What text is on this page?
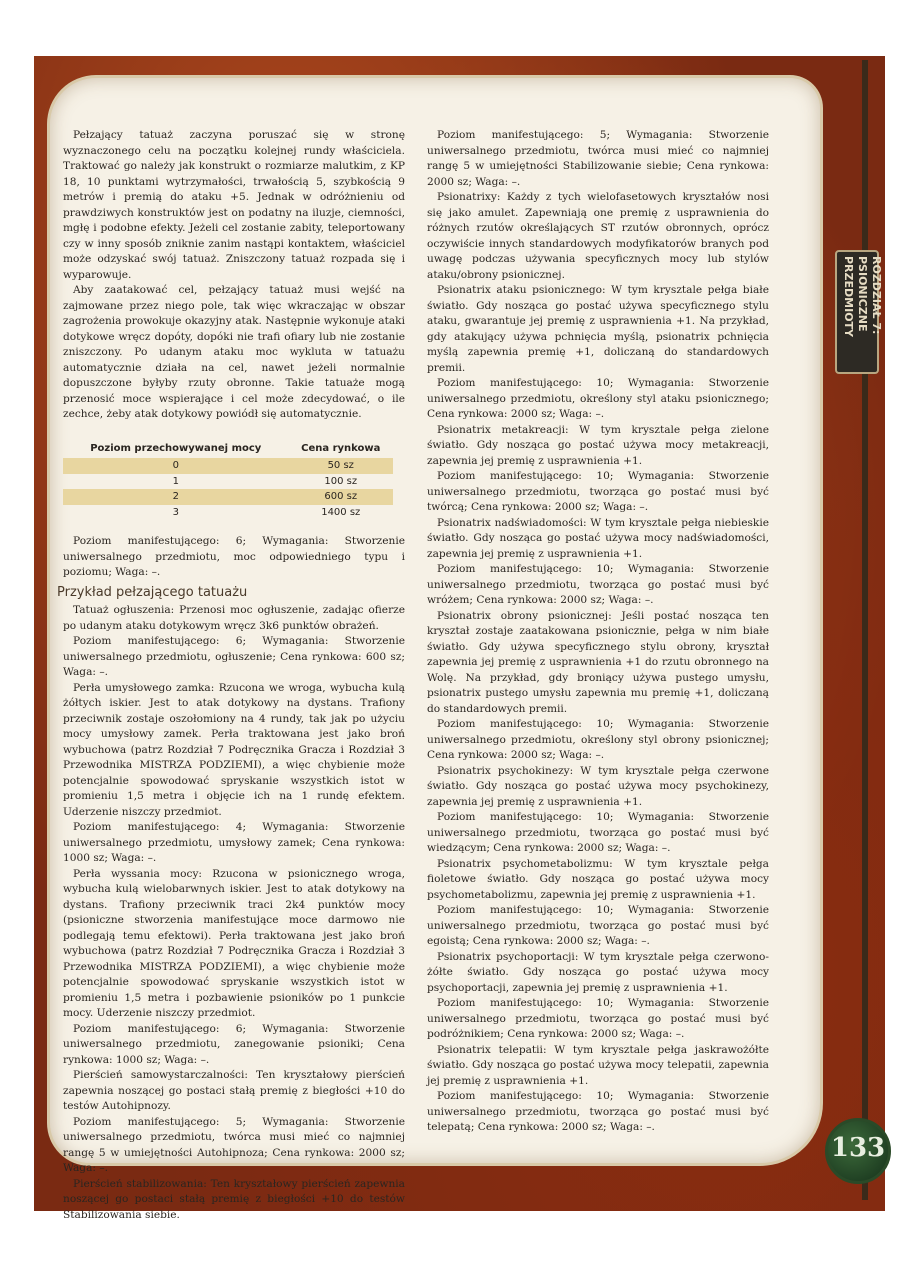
Pełzający tatuaż zaczyna poruszać się w stronę wyznaczonego celu na początku kolejnej rundy właściciela. Traktować go należy jak konstrukt o rozmiarze malutkim, z KP 18, 10 punktami wytrzymałości, trwałością 5, szybkością 9 metrów i premią do ataku +5. Jednak w odróżnieniu od prawdziwych konstruktów jest on podatny na iluzje, ciemności, mgłę i podobne efekty. Jeżeli cel zostanie zabity, teleportowany czy w inny sposób zniknie zanim nastąpi kontaktem, właściciel może odzyskać swój tatuaż. Zniszczony tatuaż rozpada się i wyparowuje.

Aby zaatakować cel, pełzający tatuaż musi wejść na zajmowane przez niego pole, tak więc wkraczając w obszar zagrożenia prowokuje okazyjny atak. Następnie wykonuje ataki dotykowe wręcz dopóty, dopóki nie trafi ofiary lub nie zostanie zniszczony. Po udanym ataku moc wykluta w tatuażu automatycznie działa na cel, nawet jeżeli normalnie dopuszczone byłyby rzuty obronne. Takie tatuaże mogą przenosić moce wspierające i cel może zdecydować, o ile zechce, żeby atak dotykowy powiódł się automatycznie.

Poziom przechowywanej mocy	Cena rynkowa
0	50 sz
1	100 sz
2	600 sz
3	1400 sz

Poziom manifestującego: 6; Wymagania: Stworzenie uniwersalnego przedmiotu, moc odpowiedniego typu i poziomu; Waga: –.

Przykład pełzającego tatuażu

Tatuaż ogłuszenia: Przenosi moc ogłuszenie, zadając ofierze po udanym ataku dotykowym wręcz 3k6 punktów obrażeń.

Poziom manifestującego: 6; Wymagania: Stworzenie uniwersalnego przedmiotu, ogłuszenie; Cena rynkowa: 600 sz; Waga: –.

Perła umysłowego zamka: Rzucona we wroga, wybucha kulą żółtych iskier. Jest to atak dotykowy na dystans. Trafiony przeciwnik zostaje oszołomiony na 4 rundy, tak jak po użyciu mocy umysłowy zamek. Perła traktowana jest jako broń wybuchowa (patrz Rozdział 7 Podręcznika Gracza i Rozdział 3 Przewodnika MISTRZA PODZIEMI), a więc chybienie może potencjalnie spowodować spryskanie wszystkich istot w promieniu 1,5 metra i objęcie ich na 1 rundę efektem. Uderzenie niszczy przedmiot.

Poziom manifestującego: 4; Wymagania: Stworzenie uniwersalnego przedmiotu, umysłowy zamek; Cena rynkowa: 1000 sz; Waga: –.

Perła wyssania mocy: Rzucona w psionicznego wroga, wybucha kulą wielobarwnych iskier. Jest to atak dotykowy na dystans. Trafiony przeciwnik traci 2k4 punktów mocy (psioniczne stworzenia manifestujące moce darmowo nie podlegają temu efektowi). Perła traktowana jest jako broń wybuchowa (patrz Rozdział 7 Podręcznika Gracza i Rozdział 3 Przewodnika MISTRZA PODZIEMI), a więc chybienie może potencjalnie spowodować spryskanie wszystkich istot w promieniu 1,5 metra i pozbawienie psioników po 1 punkcie mocy. Uderzenie niszczy przedmiot.

Poziom manifestującego: 6; Wymagania: Stworzenie uniwersalnego przedmiotu, zanegowanie psioniki; Cena rynkowa: 1000 sz; Waga: –.

Pierścień samowystarczalności: Ten kryształowy pierścień zapewnia noszącej go postaci stałą premię z biegłości +10 do testów Autohipnozy.

Poziom manifestującego: 5; Wymagania: Stworzenie uniwersalnego przedmiotu, twórca musi mieć co najmniej rangę 5 w umiejętności Autohipnoza; Cena rynkowa: 2000 sz; Waga: –.

Pierścień stabilizowania: Ten kryształowy pierścień zapewnia noszącej go postaci stałą premię z biegłości +10 do testów Stabilizowania siebie.

Poziom manifestującego: 5; Wymagania: Stworzenie uniwersalnego przedmiotu, twórca musi mieć co najmniej rangę 5 w umiejętności Stabilizowanie siebie; Cena rynkowa: 2000 sz; Waga: –.

Psionatrixy: Każdy z tych wielofasetowych kryształów nosi się jako amulet. Zapewniają one premię z usprawnienia do różnych rzutów określających ST rzutów obronnych, oprócz oczywiście innych standardowych modyfikatorów branych pod uwagę podczas używania specyficznych mocy lub stylów ataku/obrony psionicznej.

Psionatrix ataku psionicznego: W tym krysztale pełga białe światło. Gdy nosząca go postać używa specyficznego stylu ataku, gwarantuje jej premię z usprawnienia +1. Na przykład, gdy atakujący używa pchnięcia myślą, psionatrix pchnięcia myślą zapewnia premię +1, doliczaną do standardowych premii.

Poziom manifestującego: 10; Wymagania: Stworzenie uniwersalnego przedmiotu, określony styl ataku psionicznego; Cena rynkowa: 2000 sz; Waga: –.

Psionatrix metakreacji: W tym krysztale pełga zielone światło. Gdy nosząca go postać używa mocy metakreacji, zapewnia jej premię z usprawnienia +1.

Poziom manifestującego: 10; Wymagania: Stworzenie uniwersalnego przedmiotu, tworząca go postać musi być twórcą; Cena rynkowa: 2000 sz; Waga: –.

Psionatrix nadświadomości: W tym krysztale pełga niebieskie światło. Gdy nosząca go postać używa mocy nadświadomości, zapewnia jej premię z usprawnienia +1.

Poziom manifestującego: 10; Wymagania: Stworzenie uniwersalnego przedmiotu, tworząca go postać musi być wróżem; Cena rynkowa: 2000 sz; Waga: –.

Psionatrix obrony psionicznej: Jeśli postać nosząca ten kryształ zostaje zaatakowana psionicznie, pełga w nim białe światło. Gdy używa specyficznego stylu obrony, kryształ zapewnia jej premię z usprawnienia +1 do rzutu obronnego na Wolę. Na przykład, gdy broniący używa pustego umysłu, psionatrix pustego umysłu zapewnia mu premię +1, doliczaną do standardowych premii.

Poziom manifestującego: 10; Wymagania: Stworzenie uniwersalnego przedmiotu, określony styl obrony psionicznej; Cena rynkowa: 2000 sz; Waga: –.

Psionatrix psychokinezy: W tym krysztale pełga czerwone światło. Gdy nosząca go postać używa mocy psychokinezy, zapewnia jej premię z usprawnienia +1.

Poziom manifestującego: 10; Wymagania: Stworzenie uniwersalnego przedmiotu, tworząca go postać musi być wiedzącym; Cena rynkowa: 2000 sz; Waga: –.

Psionatrix psychometabolizmu: W tym krysztale pełga fioletowe światło. Gdy nosząca go postać używa mocy psychometabolizmu, zapewnia jej premię z usprawnienia +1.

Poziom manifestującego: 10; Wymagania: Stworzenie uniwersalnego przedmiotu, tworząca go postać musi być egoistą; Cena rynkowa: 2000 sz; Waga: –.

Psionatrix psychoportacji: W tym krysztale pełga czerwono-żółte światło. Gdy nosząca go postać używa mocy psychoportacji, zapewnia jej premię z usprawnienia +1.

Poziom manifestującego: 10; Wymagania: Stworzenie uniwersalnego przedmiotu, tworząca go postać musi być podróżnikiem; Cena rynkowa: 2000 sz; Waga: –.

Psionatrix telepatii: W tym krysztale pełga jaskrawożółte światło. Gdy nosząca go postać używa mocy telepatii, zapewnia jej premię z usprawnienia +1.

Poziom manifestującego: 10; Wymagania: Stworzenie uniwersalnego przedmiotu, tworząca go postać musi być telepatą; Cena rynkowa: 2000 sz; Waga: –.

ROZDZIAŁ 7:
PSIONICZNE
PRZEDMIOTY
133
